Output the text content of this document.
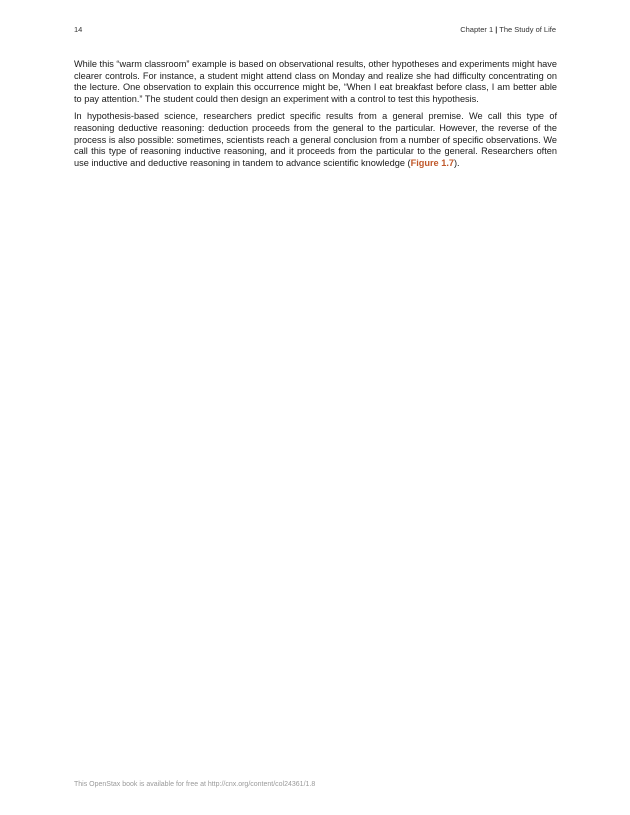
14	Chapter 1 | The Study of Life

While this “warm classroom” example is based on observational results, other hypotheses and experiments might have clearer controls. For instance, a student might attend class on Monday and realize she had difficulty concentrating on the lecture. One observation to explain this occurrence might be, “When I eat breakfast before class, I am better able to pay attention.” The student could then design an experiment with a control to test this hypothesis.

In hypothesis-based science, researchers predict specific results from a general premise. We call this type of reasoning deductive reasoning: deduction proceeds from the general to the particular. However, the reverse of the process is also possible: sometimes, scientists reach a general conclusion from a number of specific observations. We call this type of reasoning inductive reasoning, and it proceeds from the particular to the general. Researchers often use inductive and deductive reasoning in tandem to advance scientific knowledge (Figure 1.7).

This OpenStax book is available for free at http://cnx.org/content/col24361/1.8
